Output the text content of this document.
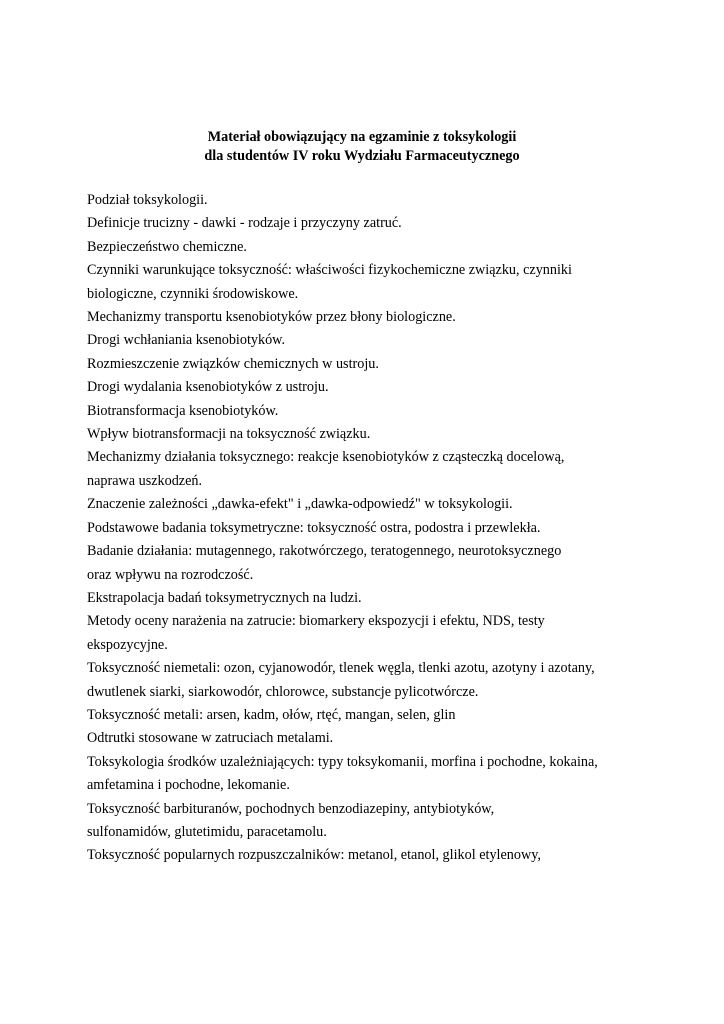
Materiał obowiązujący na egzaminie z toksykologii
dla studentów IV roku Wydziału Farmaceutycznego
Podział toksykologii.
Definicje trucizny - dawki - rodzaje i przyczyny zatruć.
Bezpieczeństwo chemiczne.
Czynniki warunkujące toksyczność: właściwości fizykochemiczne związku, czynniki
biologiczne, czynniki środowiskowe.
Mechanizmy transportu ksenobiotyków przez błony biologiczne.
Drogi wchłaniania ksenobiotyków.
Rozmieszczenie związków chemicznych w ustroju.
Drogi wydalania ksenobiotyków z ustroju.
Biotransformacja ksenobiotyków.
Wpływ biotransformacji na toksyczność związku.
Mechanizmy działania toksycznego: reakcje ksenobiotyków z cząsteczką docelową,
naprawa uszkodzeń.
Znaczenie zależności „dawka-efekt" i „dawka-odpowiedź" w toksykologii.
Podstawowe badania toksymetryczne: toksyczność ostra, podostra i przewlekła.
Badanie działania: mutagennego, rakotwórczego, teratogennego, neurotoksycznego
oraz wpływu na rozrodczość.
Ekstrapolacja badań toksymetrycznych na ludzi.
Metody oceny narażenia na zatrucie: biomarkery ekspozycji i efektu, NDS, testy
ekspozycyjne.
Toksyczność niemetali: ozon, cyjanowodór, tlenek węgla, tlenki azotu, azotyny i azotany,
dwutlenek siarki, siarkowodór, chlorowce, substancje pylicotwórcze.
Toksyczność metali: arsen, kadm, ołów, rtęć, mangan, selen, glin
Odtrutki stosowane w zatruciach metalami.
Toksykologia środków uzależniających: typy toksykomanii, morfina i pochodne, kokaina,
amfetamina i pochodne, lekomanie.
Toksyczność barbituranów, pochodnych benzodiazepiny, antybiotyków,
sulfonamidów, glutetimidu, paracetamolu.
Toksyczność popularnych rozpuszczalników: metanol, etanol, glikol etylenowy,
